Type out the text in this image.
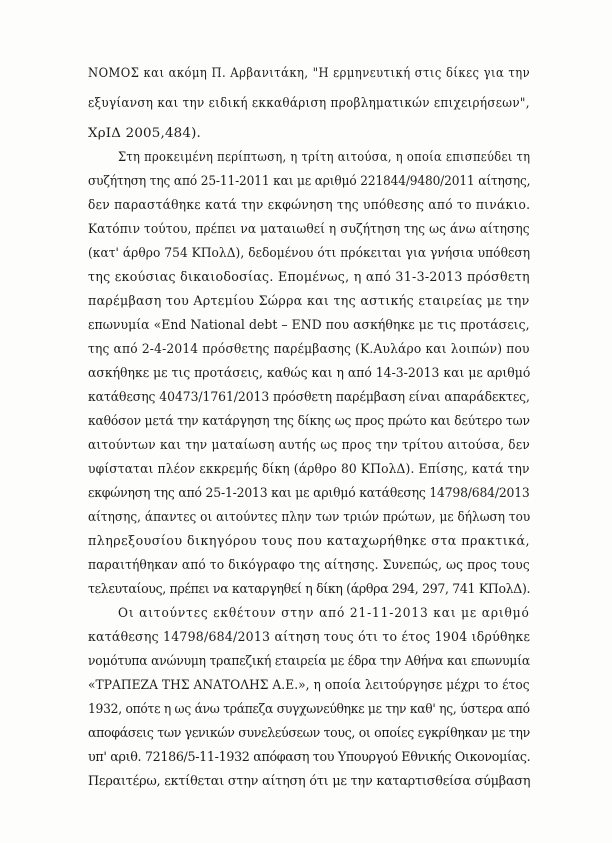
ΝΟΜΟΣ και ακόμη Π. Αρβανιτάκη, "Η ερμηνευτική στις δίκες για την
εξυγίανση και την ειδική εκκαθάριση προβληματικών επιχειρήσεων",
ΧρΙΔ 2005,484).
Στη προκειμένη περίπτωση, η τρίτη αιτούσα, η οποία επισπεύδει τη
συζήτηση της από 25-11-2011 και με αριθμό 221844/9480/2011 αίτησης,
δεν παραστάθηκε κατά την εκφώνηση της υπόθεσης από το πινάκιο.
Κατόπιν τούτου, πρέπει να ματαιωθεί η συζήτηση της ως άνω αίτησης
(κατ' άρθρο 754 ΚΠολΔ), δεδομένου ότι πρόκειται για γνήσια υπόθεση
της εκούσιας δικαιοδοσίας. Επομένως, η από 31-3-2013 πρόσθετη
παρέμβαση του Αρτεμίου Σώρρα και της αστικής εταιρείας με την
επωνυμία «End National debt – END που ασκήθηκε με τις προτάσεις,
της από 2-4-2014 πρόσθετης παρέμβασης (Κ.Αυλάρο και λοιπών) που
ασκήθηκε με τις προτάσεις, καθώς και η από 14-3-2013 και με αριθμό
κατάθεσης 40473/1761/2013 πρόσθετη παρέμβαση είναι απαράδεκτες,
καθόσον μετά την κατάργηση της δίκης ως προς πρώτο και δεύτερο των
αιτούντων και την ματαίωση αυτής ως προς την τρίτου αιτούσα, δεν
υφίσταται πλέον εκκρεμής δίκη (άρθρο 80 ΚΠολΔ). Επίσης, κατά την
εκφώνηση της από 25-1-2013 και με αριθμό κατάθεσης 14798/684/2013
αίτησης, άπαντες οι αιτούντες πλην των τριών πρώτων, με δήλωση του
πληρεξουσίου δικηγόρου τους που καταχωρήθηκε στα πρακτικά,
παραιτήθηκαν από το δικόγραφο της αίτησης. Συνεπώς, ως προς τους
τελευταίους, πρέπει να καταργηθεί η δίκη (άρθρα 294, 297, 741 ΚΠολΔ).
Οι αιτούντες εκθέτουν στην από 21-11-2013 και με αριθμό
κατάθεσης 14798/684/2013 αίτηση τους ότι το έτος 1904 ιδρύθηκε
νομότυπα ανώνυμη τραπεζική εταιρεία με έδρα την Αθήνα και επωνυμία
«ΤΡΑΠΕΖΑ ΤΗΣ ΑΝΑΤΟΛΗΣ Α.Ε.», η οποία λειτούργησε μέχρι το έτος
1932, οπότε η ως άνω τράπεζα συγχωνεύθηκε με την καθ' ης, ύστερα από
αποφάσεις των γενικών συνελεύσεων τους, οι οποίες εγκρίθηκαν με την
υπ' αριθ. 72186/5-11-1932 απόφαση του Υπουργού Εθνικής Οικονομίας.
Περαιτέρω, εκτίθεται στην αίτηση ότι με την καταρτισθείσα σύμβαση
